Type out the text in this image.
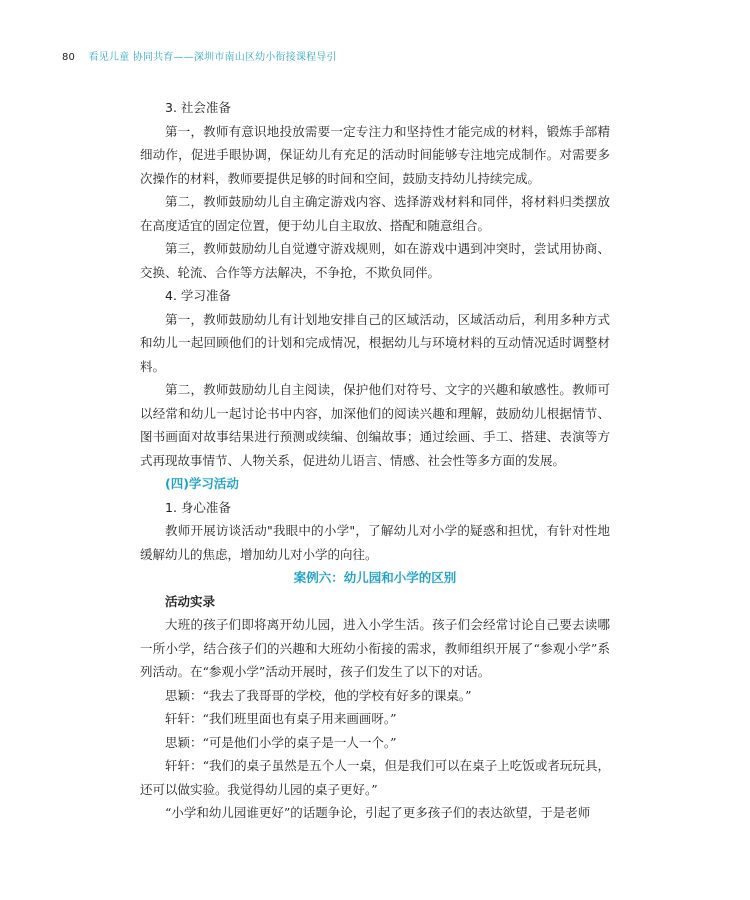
80 看见儿童 协同共育——深圳市南山区幼小衔接课程导引

3. 社会准备

第一，教师有意识地投放需要一定专注力和坚持性才能完成的材料，锻炼手部精细动作，促进手眼协调，保证幼儿有充足的活动时间能够专注地完成制作。对需要多次操作的材料，教师要提供足够的时间和空间，鼓励支持幼儿持续完成。

第二，教师鼓励幼儿自主确定游戏内容、选择游戏材料和同伴，将材料归类摆放在高度适宜的固定位置，便于幼儿自主取放、搭配和随意组合。

第三，教师鼓励幼儿自觉遵守游戏规则，如在游戏中遇到冲突时，尝试用协商、交换、轮流、合作等方法解决，不争抢，不欺负同伴。

4. 学习准备

第一，教师鼓励幼儿有计划地安排自己的区域活动，区域活动后，利用多种方式和幼儿一起回顾他们的计划和完成情况，根据幼儿与环境材料的互动情况适时调整材料。

第二，教师鼓励幼儿自主阅读，保护他们对符号、文字的兴趣和敏感性。教师可以经常和幼儿一起讨论书中内容，加深他们的阅读兴趣和理解，鼓励幼儿根据情节、图书画面对故事结果进行预测或续编、创编故事；通过绘画、手工、搭建、表演等方式再现故事情节、人物关系，促进幼儿语言、情感、社会性等多方面的发展。

(四)学习活动

1. 身心准备

教师开展访谈活动"我眼中的小学"，了解幼儿对小学的疑惑和担忧，有针对性地缓解幼儿的焦虑，增加幼儿对小学的向往。

案例六：幼儿园和小学的区别

活动实录

大班的孩子们即将离开幼儿园，进入小学生活。孩子们会经常讨论自己要去读哪一所小学，结合孩子们的兴趣和大班幼小衔接的需求，教师组织开展了“参观小学”系列活动。在“参观小学”活动开展时，孩子们发生了以下的对话。

思颖：“我去了我哥哥的学校，他的学校有好多的课桌。”

轩轩：“我们班里面也有桌子用来画画呀。”

思颖：“可是他们小学的桌子是一人一个。”

轩轩：“我们的桌子虽然是五个人一桌，但是我们可以在桌子上吃饭或者玩玩具，还可以做实验。我觉得幼儿园的桌子更好。”

“小学和幼儿园谁更好”的话题争论，引起了更多孩子们的表达欲望，于是老师
